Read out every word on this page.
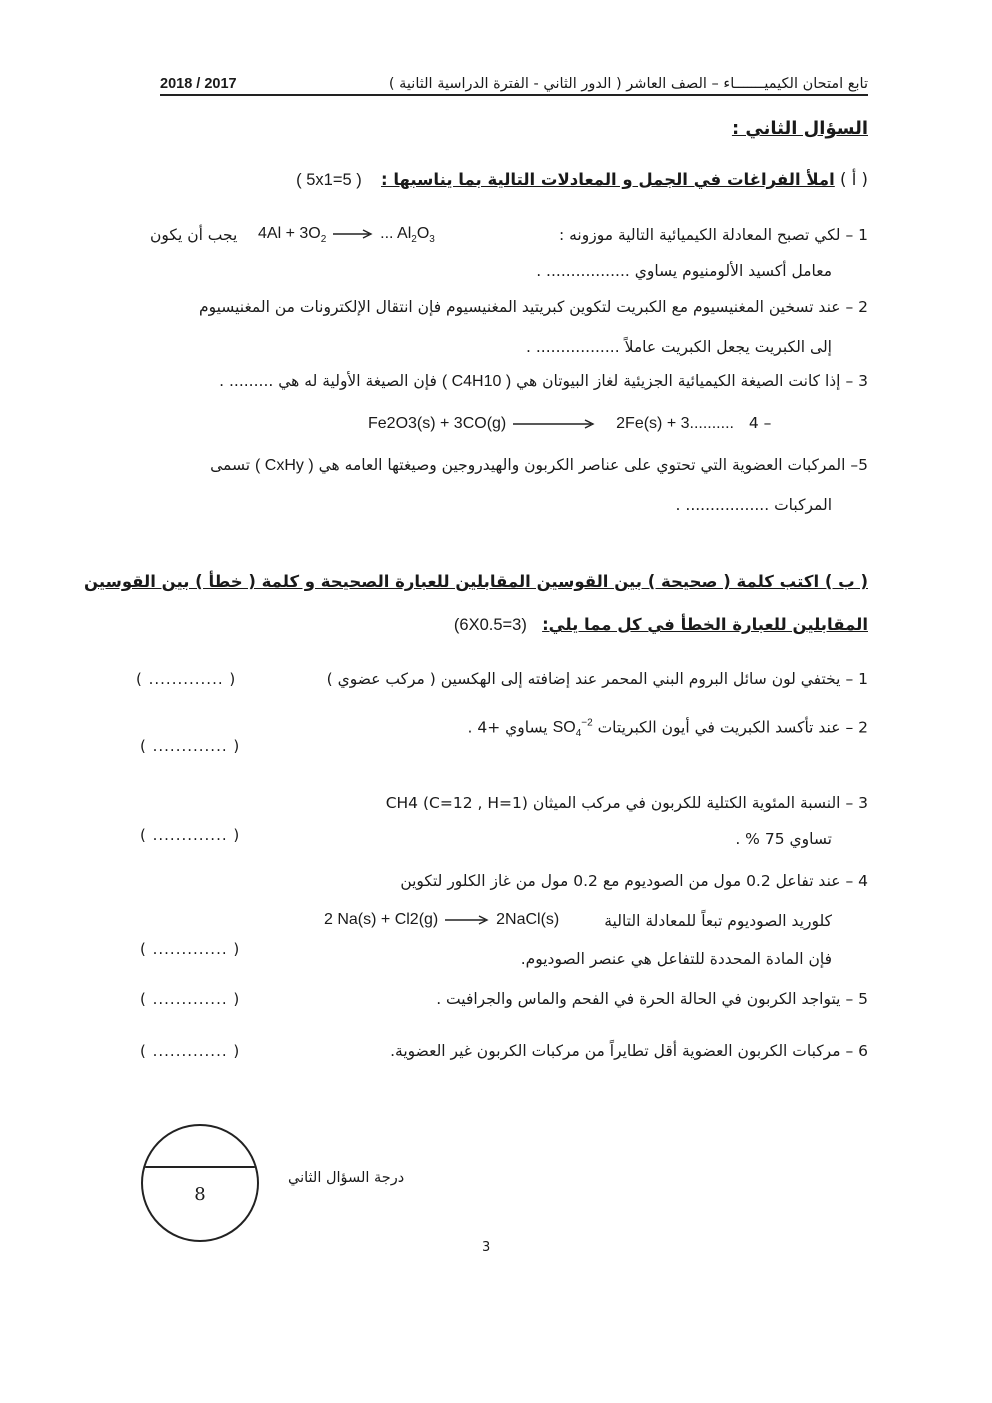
تابع امتحان الكيميـــــــاء – الصف العاشر ( الدور الثاني - الفترة الدراسية الثانية )
2018 / 2017
السؤال الثاني :
( أ ) املأ الفراغات في الجمل و المعادلات التالية بما يناسبها : ( 5x1=5 )
1 – لكي تصبح المعادلة الكيميائية التالية موزونه :
$4Al + 3O_2$ → ... $Al_2O_3$
يجب أن يكون
معامل أكسيد الألومنيوم يساوي ................. .
2 – عند تسخين المغنيسيوم مع الكبريت لتكوين كبريتيد المغنيسيوم فإن انتقال الإلكترونات من المغنيسيوم
إلى الكبريت يجعل الكبريت عاملاً ................. .
3 – إذا كانت الصيغة الكيميائية الجزيئية لغاز البيوتان هي ( C4H10 ) فإن الصيغة الأولية له هي ......... .
Fe2O3(s) + 3CO(g)	2Fe(s) + 3.......... 4 –
5– المركبات العضوية التي تحتوي على عناصر الكربون والهيدروجين وصيغتها العامه هي ( CxHy ) تسمى
المركبات ................. .
( ب ) اكتب كلمة ( صحيحة ) بين القوسين المقابلين للعبارة الصحيحة و كلمة ( خطأ ) بين القوسين
المقابلين للعبارة الخطأ في كل مما يلي: (6X0.5=3)
1 – يختفي لون سائل البروم البني المحمر عند إضافته إلى الهكسين ( مركب عضوي )
( ............. )
2 – عند تأكسد الكبريت في أيون الكبريتات $SO_4^{-2}$ يساوي +4 .
( ............. )
3 – النسبة المئوية الكتلية للكربون في مركب الميثان CH4 (C=12 , H=1)
تساوي 75 % .
( ............. )
4 – عند تفاعل 0.2 مول من الصوديوم مع 0.2 مول من غاز الكلور لتكوين
كلوريد الصوديوم تبعاً للمعادلة التالية
2 Na(s) + Cl2(g) → 2NaCl(s)
فإن المادة المحددة للتفاعل هي عنصر الصوديوم.
( ............. )
5 – يتواجد الكربون في الحالة الحرة في الفحم والماس والجرافيت .
( ............. )
6 – مركبات الكربون العضوية أقل تطايراً من مركبات الكربون غير العضوية.
( ............. )
8
درجة السؤال الثاني
3
